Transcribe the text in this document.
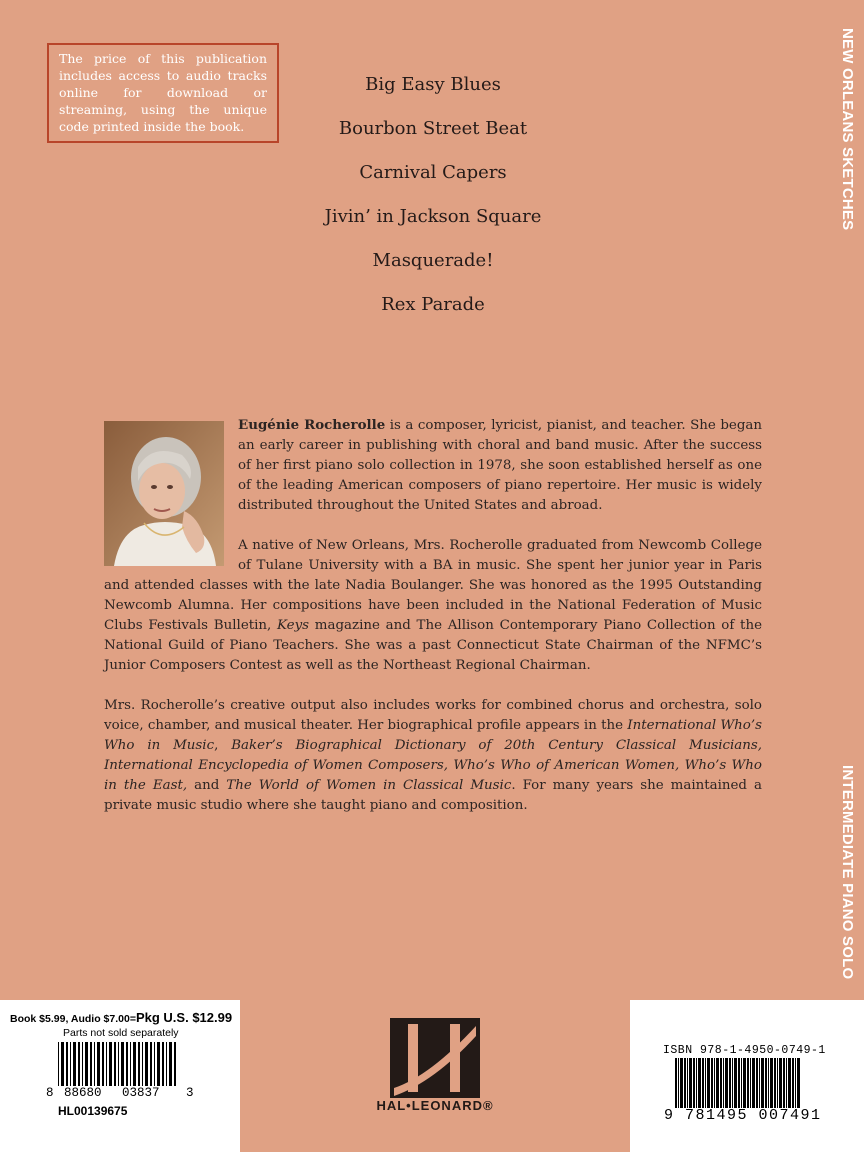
The price of this publication includes access to audio tracks online for download or streaming, using the unique code printed inside the book.
Big Easy Blues
Bourbon Street Beat
Carnival Capers
Jivin’ in Jackson Square
Masquerade!
Rex Parade
NEW ORLEANS SKETCHES
INTERMEDIATE PIANO SOLO

Eugénie Rocherolle is a composer, lyricist, pianist, and teacher. She began an early career in publishing with choral and band music. After the success of her first piano solo collection in 1978, she soon established herself as one of the leading American composers of piano repertoire. Her music is widely distributed throughout the United States and abroad.

A native of New Orleans, Mrs. Rocherolle graduated from Newcomb College of Tulane University with a BA in music. She spent her junior year in Paris and attended classes with the late Nadia Boulanger. She was honored as the 1995 Outstanding Newcomb Alumna. Her compositions have been included in the National Federation of Music Clubs Festivals Bulletin, Keys magazine and The Allison Contemporary Piano Collection of the National Guild of Piano Teachers. She was a past Connecticut State Chairman of the NFMC’s Junior Composers Contest as well as the Northeast Regional Chairman.

Mrs. Rocherolle’s creative output also includes works for combined chorus and orchestra, solo voice, chamber, and musical theater. Her biographical profile appears in the International Who’s Who in Music, Baker’s Biographical Dictionary of 20th Century Classical Musicians, International Encyclopedia of Women Composers, Who’s Who of American Women, Who’s Who in the East, and The World of Women in Classical Music. For many years she maintained a private music studio where she taught piano and composition.

Book $5.99, Audio $7.00=Pkg U.S. $12.99
Parts not sold separately
8 88680 03837 3
HL00139675	HAL•LEONARD®
ISBN 978-1-4950-0749-1
9 781495 007491
